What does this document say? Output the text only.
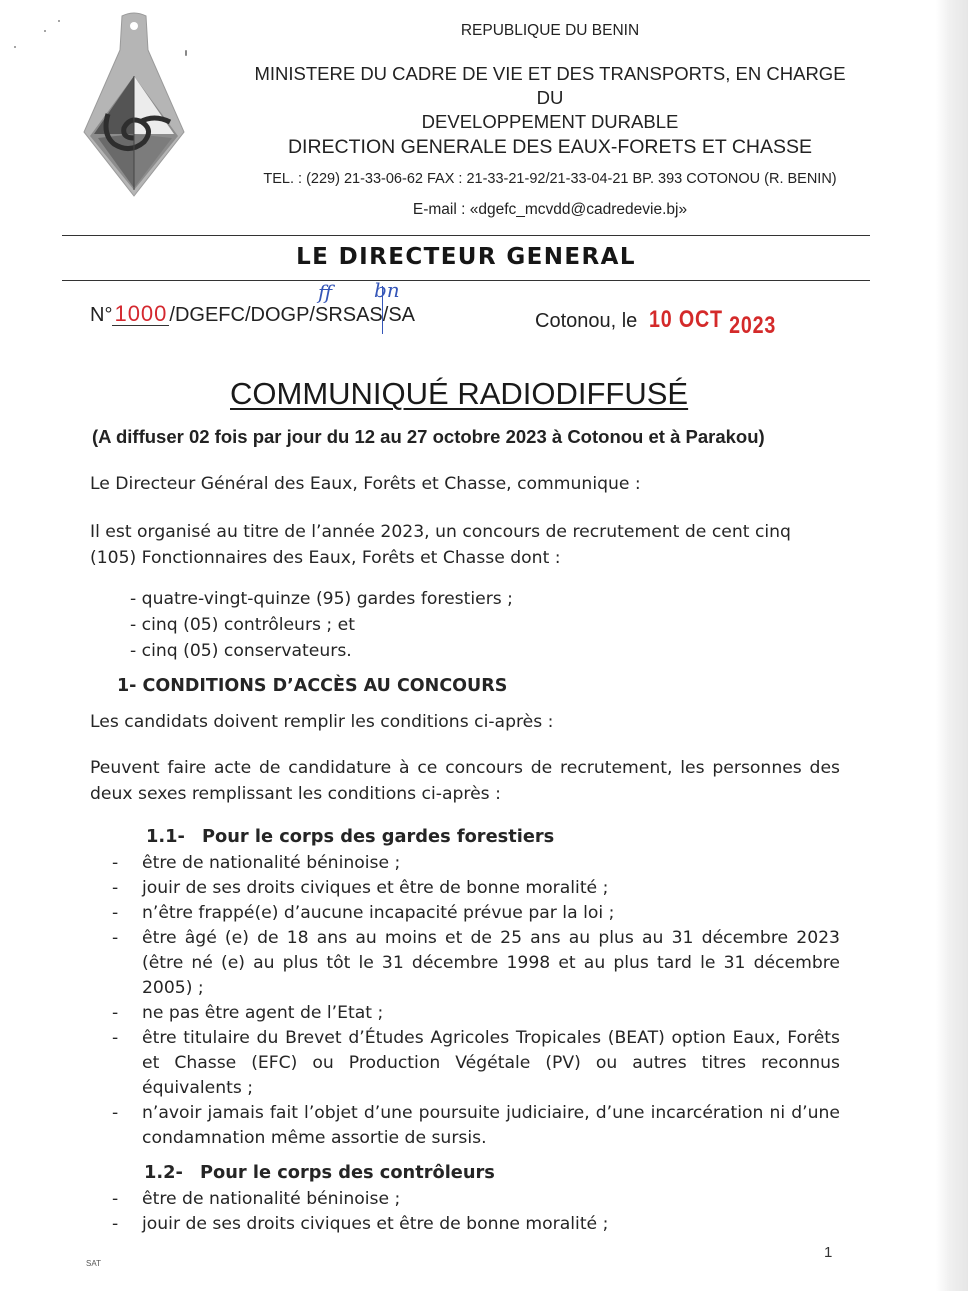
REPUBLIQUE DU BENIN
MINISTERE DU CADRE DE VIE ET DES TRANSPORTS, EN CHARGE DU
DEVELOPPEMENT DURABLE
DIRECTION GENERALE DES EAUX-FORETS ET CHASSE
TEL. : (229) 21-33-06-62 FAX : 21-33-21-92/21-33-04-21 BP. 393 COTONOU (R. BENIN)
E-mail : «dgefc_mcvdd@cadredevie.bj»
LE DIRECTEUR GENERAL
N°1000 /DGEFC/DOGP/SRSAS/SA
ff bn
Cotonou, le 10 OCT 2023
COMMUNIQUÉ RADIODIFFUSÉ
(A diffuser 02 fois par jour du 12 au 27 octobre 2023 à Cotonou et à Parakou)
Le Directeur Général des Eaux, Forêts et Chasse, communique :
Il est organisé au titre de l’année 2023, un concours de recrutement de cent cinq (105) Fonctionnaires des Eaux, Forêts et Chasse dont :
- quatre-vingt-quinze (95) gardes forestiers ;
- cinq (05) contrôleurs ; et
- cinq (05) conservateurs.
1- CONDITIONS D’ACCÈS AU CONCOURS
Les candidats doivent remplir les conditions ci-après :
Peuvent faire acte de candidature à ce concours de recrutement, les personnes des deux sexes remplissant les conditions ci-après :
1.1- Pour le corps des gardes forestiers
-	être de nationalité béninoise ;
-	jouir de ses droits civiques et être de bonne moralité ;
-	n’être frappé(e) d’aucune incapacité prévue par la loi ;
-	être âgé (e) de 18 ans au moins et de 25 ans au plus au 31 décembre 2023 (être né (e) au plus tôt le 31 décembre 1998 et au plus tard le 31 décembre 2005) ;
-	ne pas être agent de l’Etat ;
-	être titulaire du Brevet d’Études Agricoles Tropicales (BEAT) option Eaux, Forêts et Chasse (EFC) ou Production Végétale (PV) ou autres titres reconnus équivalents ;
-	n’avoir jamais fait l’objet d’une poursuite judiciaire, d’une incarcération ni d’une condamnation même assortie de sursis.
1.2- Pour le corps des contrôleurs
-	être de nationalité béninoise ;
-	jouir de ses droits civiques et être de bonne moralité ;
1
SAT
